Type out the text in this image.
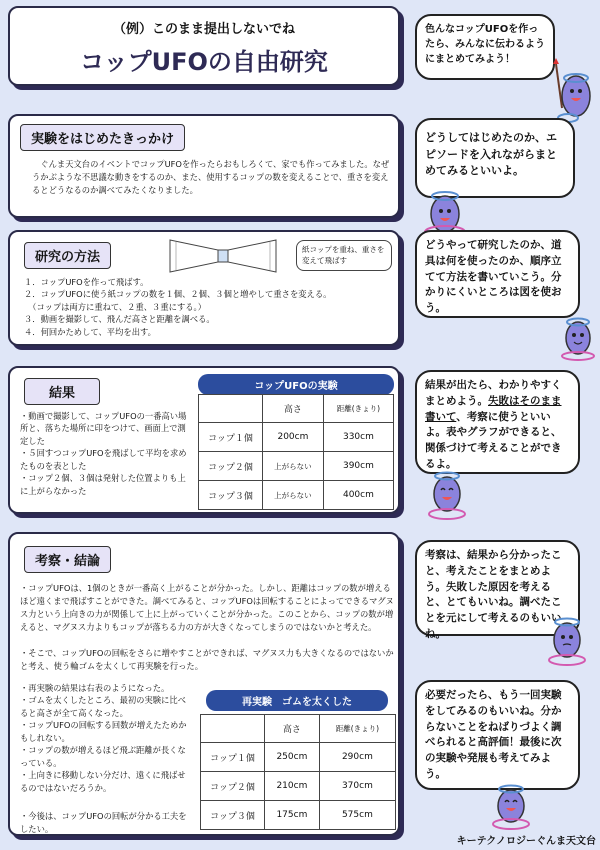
（例）このまま提出しないでね
コップUFOの自由研究
色んなコップUFOを作ったら、みんなに伝わるようにまとめてみよう！
実験をはじめたきっかけ
ぐんま天文台のイベントでコップUFOを作ったらおもしろくて、家でも作ってみました。なぜうかぶような不思議な動きをするのか、また、使用するコップの数を変えることで、重さを変えるとどうなるのか調べてみたくなりました。
どうしてはじめたのか、エピソードを入れながらまとめてみるといいよ。
研究の方法
紙コップを重ね、重さを変えて飛ばす
１．コップUFOを作って飛ばす。
２．コップUFOに使う紙コップの数を１個、２個、３個と増やして重さを変える。
　（コップは両方に重ねて、２重、３重にする。）
３．動画を撮影して、飛んだ高さと距離を調べる。
４．何回かためして、平均を出す。
どうやって研究したのか、道具は何を使ったのか、順序立てて方法を書いていこう。分かりにくいところは図を使おう。
結果
・動画で撮影して、コップUFOの一番高い場所と、落ちた場所に印をつけて、画面上で測定した
・５回すつコップUFOを飛ばして平均を求めたものを表とした
・コップ２個、３個は発射した位置よりも上に上がらなかった
コップUFOの実験
	高さ	距離(きょり)
コップ１個	200cm	330cm
コップ２個	上がらない	390cm
コップ３個	上がらない	400cm
結果が出たら、わかりやすくまとめよう。失敗はそのまま書いて、考察に使うといいよ。表やグラフができると、関係づけて考えることができるよ。
考察・結論
・コップUFOは、1個のときが一番高く上がることが分かった。しかし、距離はコップの数が増えるほど遠くまで飛ばすことができた。調べてみると、コップUFOは回転することによってできるマグヌス力という上向きの力が関係して上に上がっていくことが分かった。このことから、コップの数が増えると、マグヌス力よりもコップが落ちる力の方が大きくなってしまうのではないかと考えた。
・そこで、コップUFOの回転をさらに増やすことができれば、マグヌス力も大きくなるのではないかと考え、使う輪ゴムを太くして再実験を行った。
・再実験の結果は右表のようになった。
・ゴムを太くしたところ、最初の実験に比べると高さが全て高くなった。
・コップUFOの回転する回数が増えたためかもしれない。
・コップの数が増えるほど飛ぶ距離が長くなっている。
・上向きに移動しない分だけ、遠くに飛ばせるのではないだろうか。
・今後は、コップUFOの回転が分かる工夫をしたい。
再実験　ゴムを太くした
	高さ	距離(きょり)
コップ１個	250cm	290cm
コップ２個	210cm	370cm
コップ３個	175cm	575cm
考察は、結果から分かったこと、考えたことをまとめよう。失敗した原因を考えると、とてもいいね。調べたことを元にして考えるのもいいね。
必要だったら、もう一回実験をしてみるのもいいね。分からないことをねばりづよく調べられると高評価！最後に次の実験や発展も考えてみよう。
キーテクノロジーぐんま天文台
